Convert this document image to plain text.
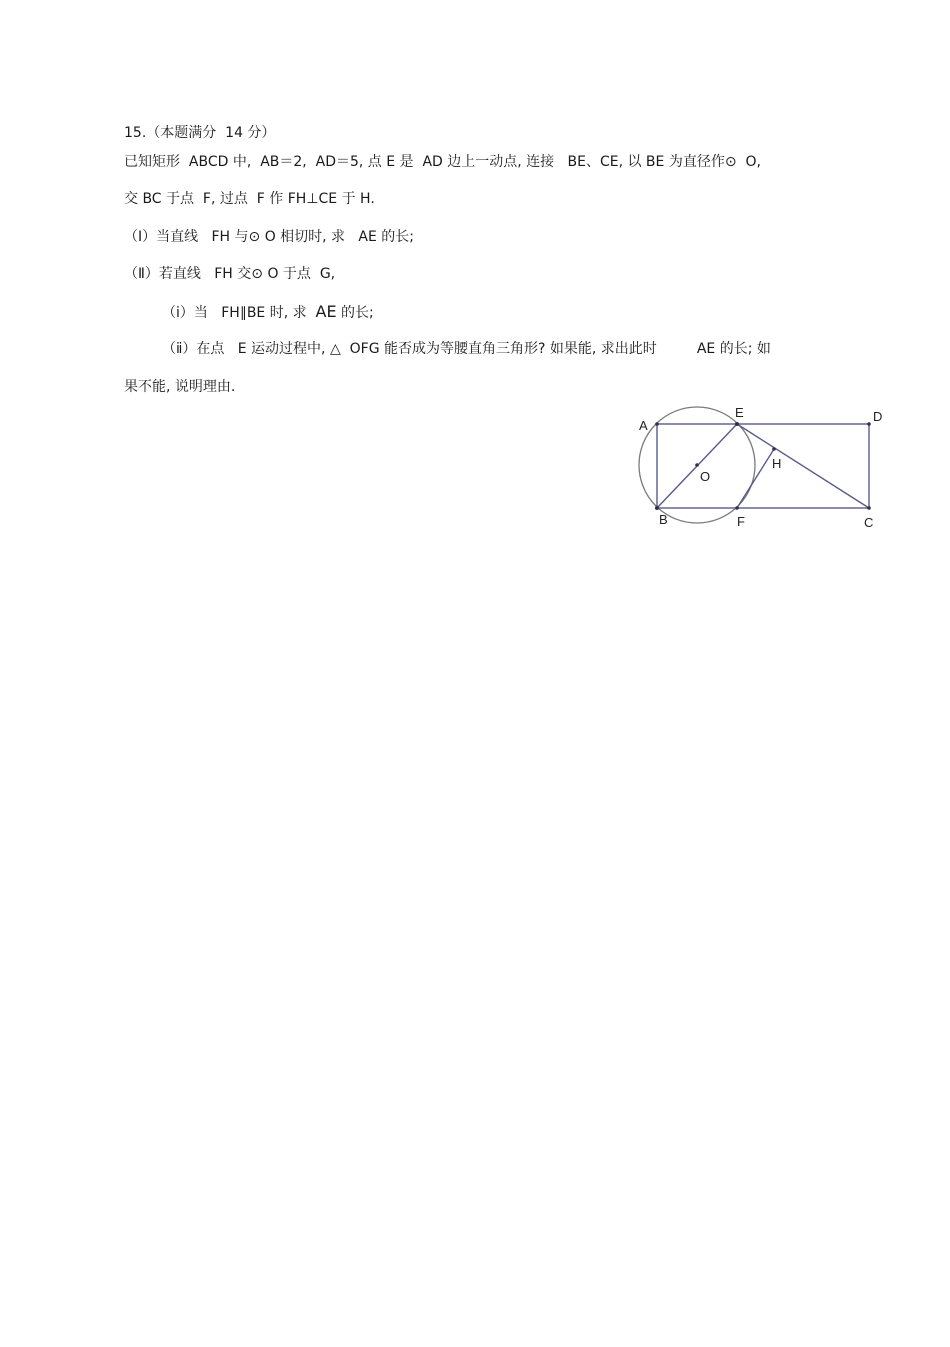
15.（本题满分  14 分）
已知矩形  ABCD 中,  AB＝2,  AD＝5, 点 E 是  AD 边上一动点, 连接   BE、CE, 以 BE 为直径作⊙  O,
交 BC 于点  F, 过点  F 作 FH⊥CE 于 H.
（Ⅰ）当直线   FH 与⊙ O 相切时, 求   AE 的长;
（Ⅱ）若直线   FH 交⊙ O 于点  G,
（ⅰ）当   FH∥BE 时, 求  AE 的长;
（ⅱ）在点   E 运动过程中, △  OFG 能否成为等腰直角三角形? 如果能, 求出此时         AE 的长; 如
果不能, 说明理由.
A
B	C
D
E
F
H
O
